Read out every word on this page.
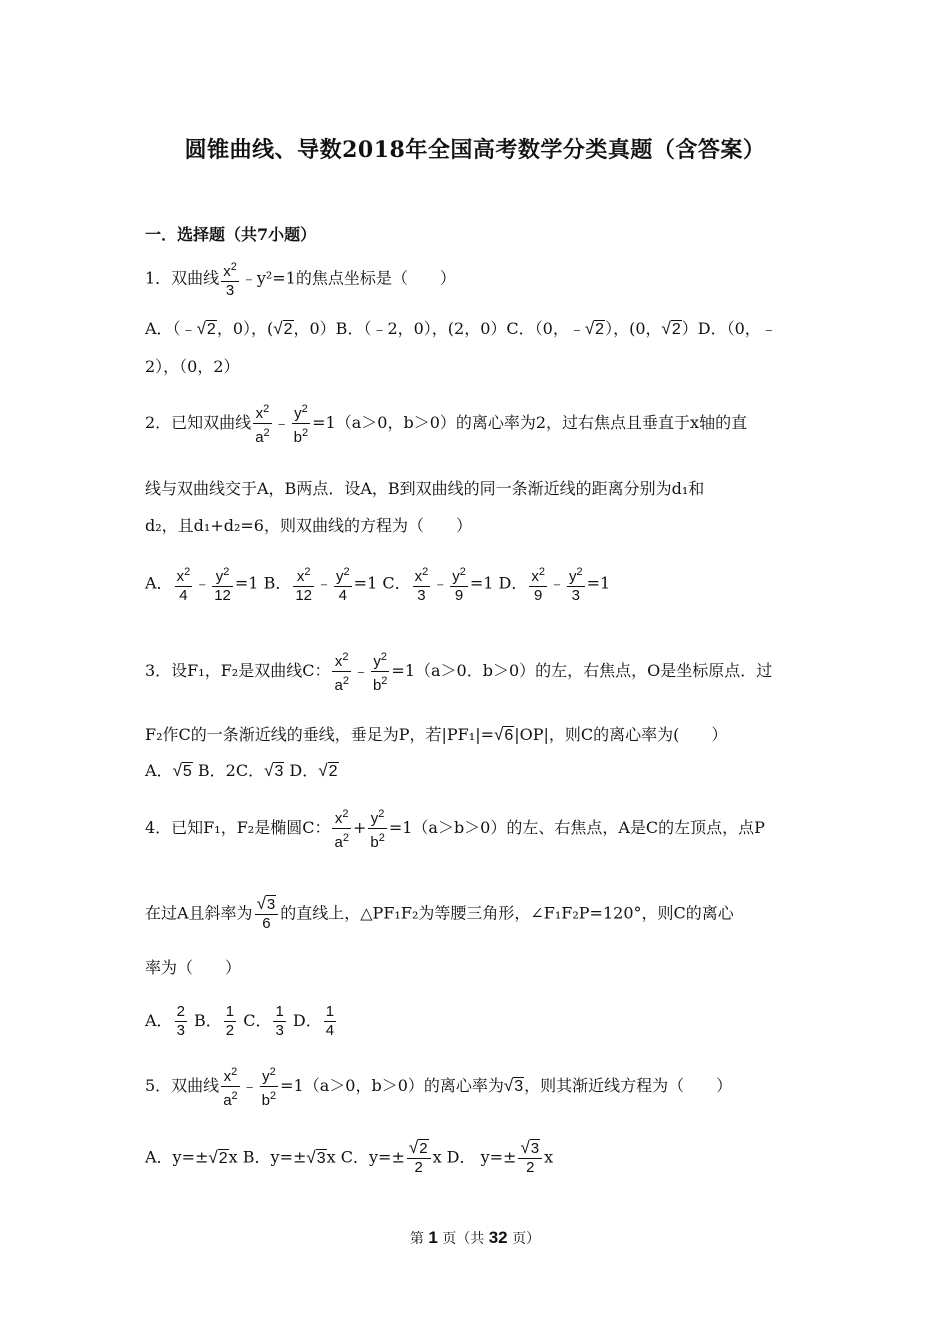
圆锥曲线、导数2018年全国高考数学分类真题（含答案）
一．选择题（共7小题）
1．双曲线 $\frac{x^2}{3}$ ﹣y²=1的焦点坐标是（　　）
A．（﹣√2，0），(√2，0）B．（﹣2，0），(2，0）C．（0，﹣√2），(0，√2）D．（0，﹣
2），（0，2）
2．已知双曲线 $\frac{x^2}{a^2}$ ﹣ $\frac{y^2}{b^2} =1(a>0$，b＞0）的离心率为2，过右焦点且垂直于x轴的直
线与双曲线交于A，B两点．设A，B到双曲线的同一条渐近线的距离分别为d₁和
d₂，且d₁+d₂=6，则双曲线的方程为（　　）
A． $\frac{x^2}{4}$ ﹣ $\frac{y^2}{12} =1$ B． $\frac{x^2}{12}$ ﹣ $\frac{y^2}{4} =1$ C． $\frac{x^2}{3}$ ﹣ $\frac{y^2}{9} =1$ D． $\frac{x^2}{9}$ ﹣ $\frac{y^2}{3} =1$
3．设F₁，F₂是双曲线C： $\frac{x^2}{a^2}$ ﹣ $\frac{y^2}{b^2} =1(a>0$．b＞0）的左，右焦点，O是坐标原点．过
F₂作C的一条渐近线的垂线，垂足为P，若|PF₁|=√6|OP|，则C的离心率为(　　）
A．√5 B．2C．√3 D．√2
4．已知F₁，F₂是椭圆C： $\frac{x^2}{a^2} + \frac{y^2}{b^2} =1(a>b>0)$的左、右焦点，A是C的左顶点，点P
在过A且斜率为 $\frac{√3}{6}$ 的直线上，△PF₁F₂为等腰三角形，∠F₁F₂P=120°，则C的离心
率为（　　）
A． $\frac{2}{3}$ B． $\frac{1}{2}$ C． $\frac{1}{3}$ D． $\frac{1}{4}$
5．双曲线 $\frac{x^2}{a^2}$ ﹣ $\frac{y^2}{b^2} =1(a>0$，b＞0）的离心率为√3，则其渐近线方程为（　　）
A．y=±√2x B．y=±√3x C．$y=\pm \frac{√2}{2}$ x D． $y=\pm \frac{√3}{2}$ x
第 1 页（共 32 页）
